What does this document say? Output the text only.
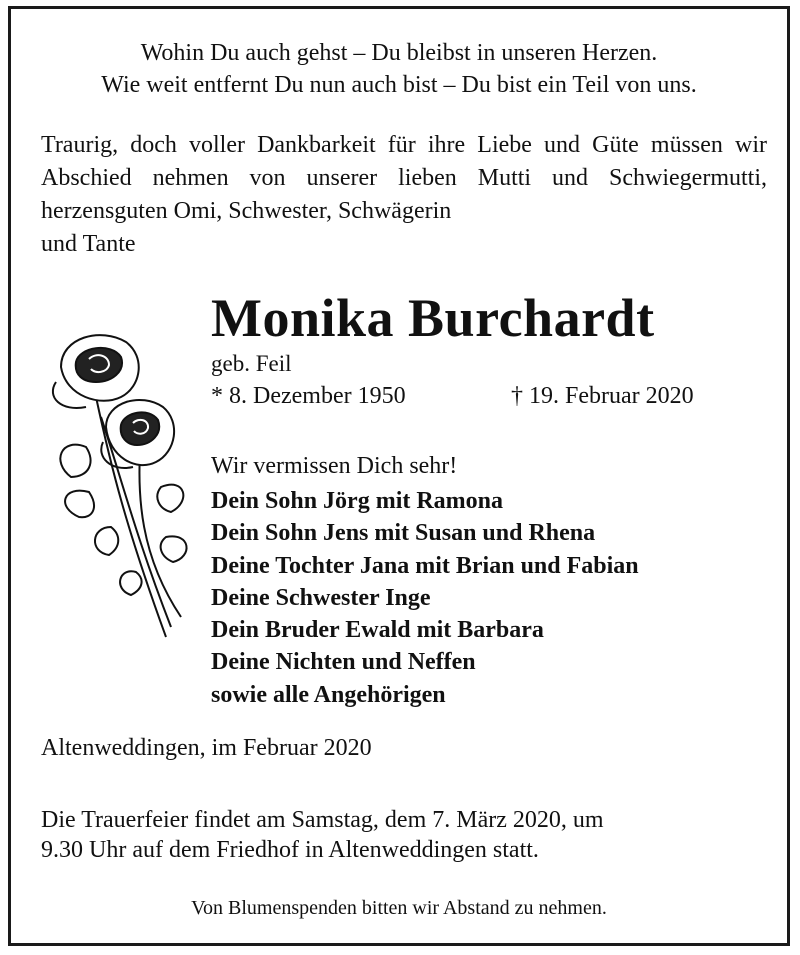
Wohin Du auch gehst – Du bleibst in unseren Herzen.
Wie weit entfernt Du nun auch bist – Du bist ein Teil von uns.
Traurig, doch voller Dankbarkeit für ihre Liebe und Güte müssen wir Abschied nehmen von unserer lieben Mutti und Schwiegermutti, herzensguten Omi, Schwester, Schwägerin
und Tante
Monika Burchardt
geb. Feil
* 8. Dezember 1950	† 19. Februar 2020
Wir vermissen Dich sehr!
Dein Sohn Jörg mit Ramona
Dein Sohn Jens mit Susan und Rhena
Deine Tochter Jana mit Brian und Fabian
Deine Schwester Inge
Dein Bruder Ewald mit Barbara
Deine Nichten und Neffen
sowie alle Angehörigen
Altenweddingen, im Februar 2020
Die Trauerfeier findet am Samstag, dem 7. März 2020, um
9.30 Uhr auf dem Friedhof in Altenweddingen statt.
Von Blumenspenden bitten wir Abstand zu nehmen.
